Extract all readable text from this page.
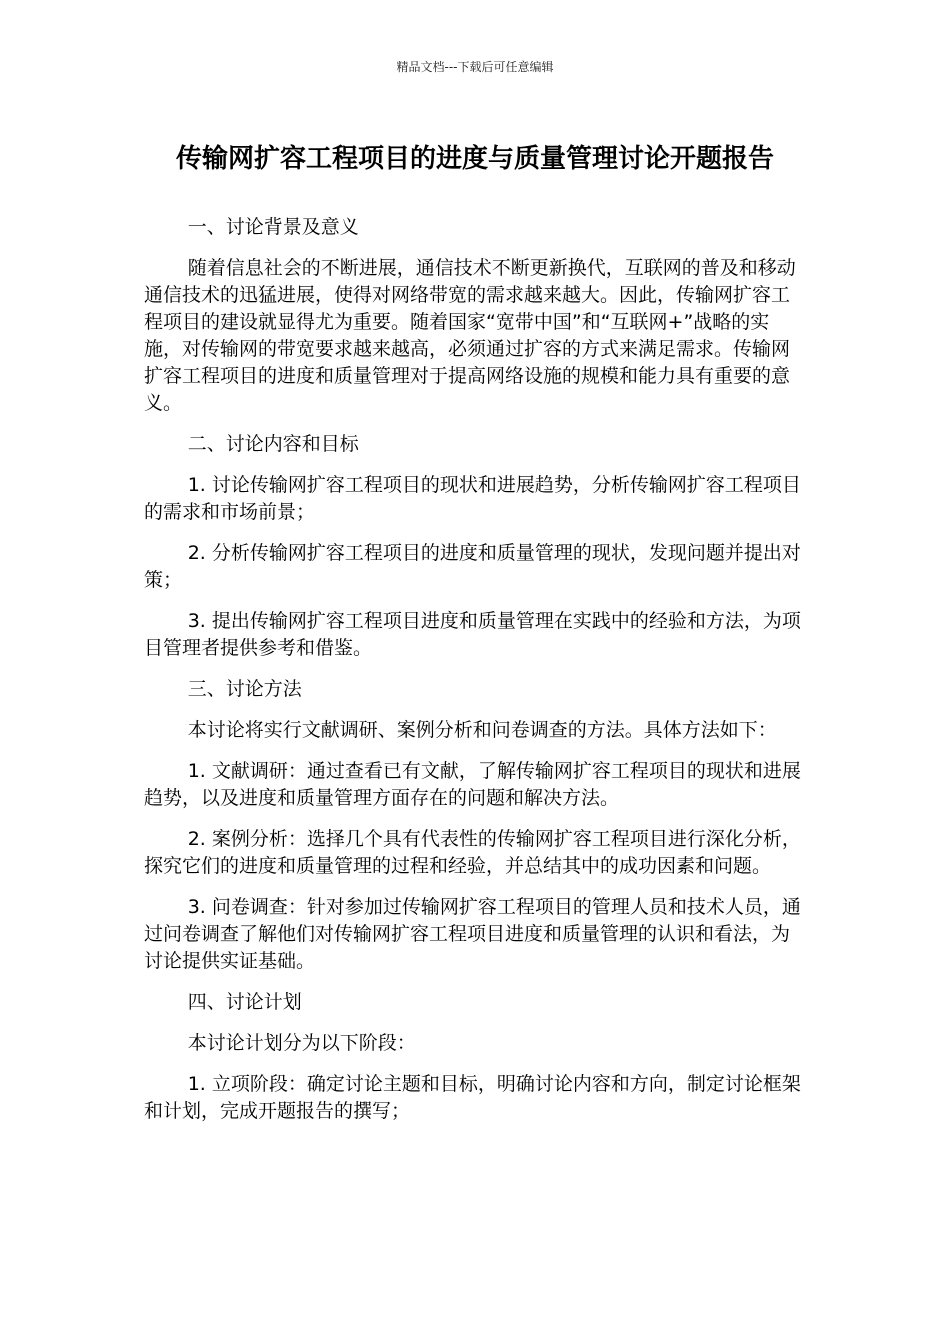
精品文档---下载后可任意编辑
传输网扩容工程项目的进度与质量管理讨论开题报告
一、讨论背景及意义
随着信息社会的不断进展，通信技术不断更新换代，互联网的普及和移动通信技术的迅猛进展，使得对网络带宽的需求越来越大。因此，传输网扩容工程项目的建设就显得尤为重要。随着国家“宽带中国”和“互联网+”战略的实施，对传输网的带宽要求越来越高，必须通过扩容的方式来满足需求。传输网扩容工程项目的进度和质量管理对于提高网络设施的规模和能力具有重要的意义。
二、讨论内容和目标
1. 讨论传输网扩容工程项目的现状和进展趋势，分析传输网扩容工程项目的需求和市场前景；
2. 分析传输网扩容工程项目的进度和质量管理的现状，发现问题并提出对策；
3. 提出传输网扩容工程项目进度和质量管理在实践中的经验和方法，为项目管理者提供参考和借鉴。
三、讨论方法
本讨论将实行文献调研、案例分析和问卷调查的方法。具体方法如下：
1. 文献调研：通过查看已有文献，了解传输网扩容工程项目的现状和进展趋势，以及进度和质量管理方面存在的问题和解决方法。
2. 案例分析：选择几个具有代表性的传输网扩容工程项目进行深化分析，探究它们的进度和质量管理的过程和经验，并总结其中的成功因素和问题。
3. 问卷调查：针对参加过传输网扩容工程项目的管理人员和技术人员，通过问卷调查了解他们对传输网扩容工程项目进度和质量管理的认识和看法，为讨论提供实证基础。
四、讨论计划
本讨论计划分为以下阶段：
1. 立项阶段：确定讨论主题和目标，明确讨论内容和方向，制定讨论框架和计划，完成开题报告的撰写；
